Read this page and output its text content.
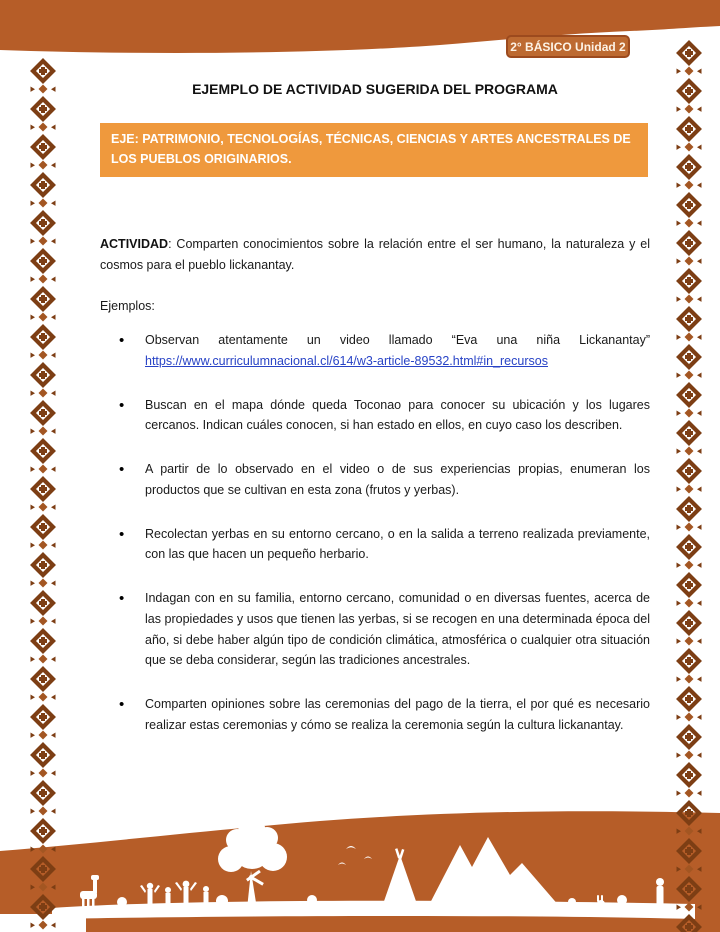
2° BÁSICO Unidad 2
EJEMPLO DE ACTIVIDAD SUGERIDA DEL PROGRAMA
EJE: PATRIMONIO, TECNOLOGÍAS, TÉCNICAS, CIENCIAS Y ARTES ANCESTRALES DE LOS PUEBLOS ORIGINARIOS.

ACTIVIDAD: Comparten conocimientos sobre la relación entre el ser humano, la naturaleza y el cosmos para el pueblo lickanantay.

Ejemplos:

• Observan atentamente un video llamado “Eva una niña Lickanantay”
https://www.curriculumnacional.cl/614/w3-article-89532.html#in_recursos
• Buscan en el mapa dónde queda Toconao para conocer su ubicación y los lugares cercanos. Indican cuáles conocen, si han estado en ellos, en cuyo caso los describen.
• A partir de lo observado en el video o de sus experiencias propias, enumeran los productos que se cultivan en esta zona (frutos y yerbas).
• Recolectan yerbas en su entorno cercano, o en la salida a terreno realizada previamente, con las que hacen un pequeño herbario.
• Indagan con en su familia, entorno cercano, comunidad o en diversas fuentes, acerca de las propiedades y usos que tienen las yerbas, si se recogen en una determinada época del año, si debe haber algún tipo de condición climática, atmosférica o cualquier otra situación que se deba considerar, según las tradiciones ancestrales.
• Comparten opiniones sobre las ceremonias del pago de la tierra, el por qué es necesario realizar estas ceremonias y cómo se realiza la ceremonia según la cultura lickanantay.
